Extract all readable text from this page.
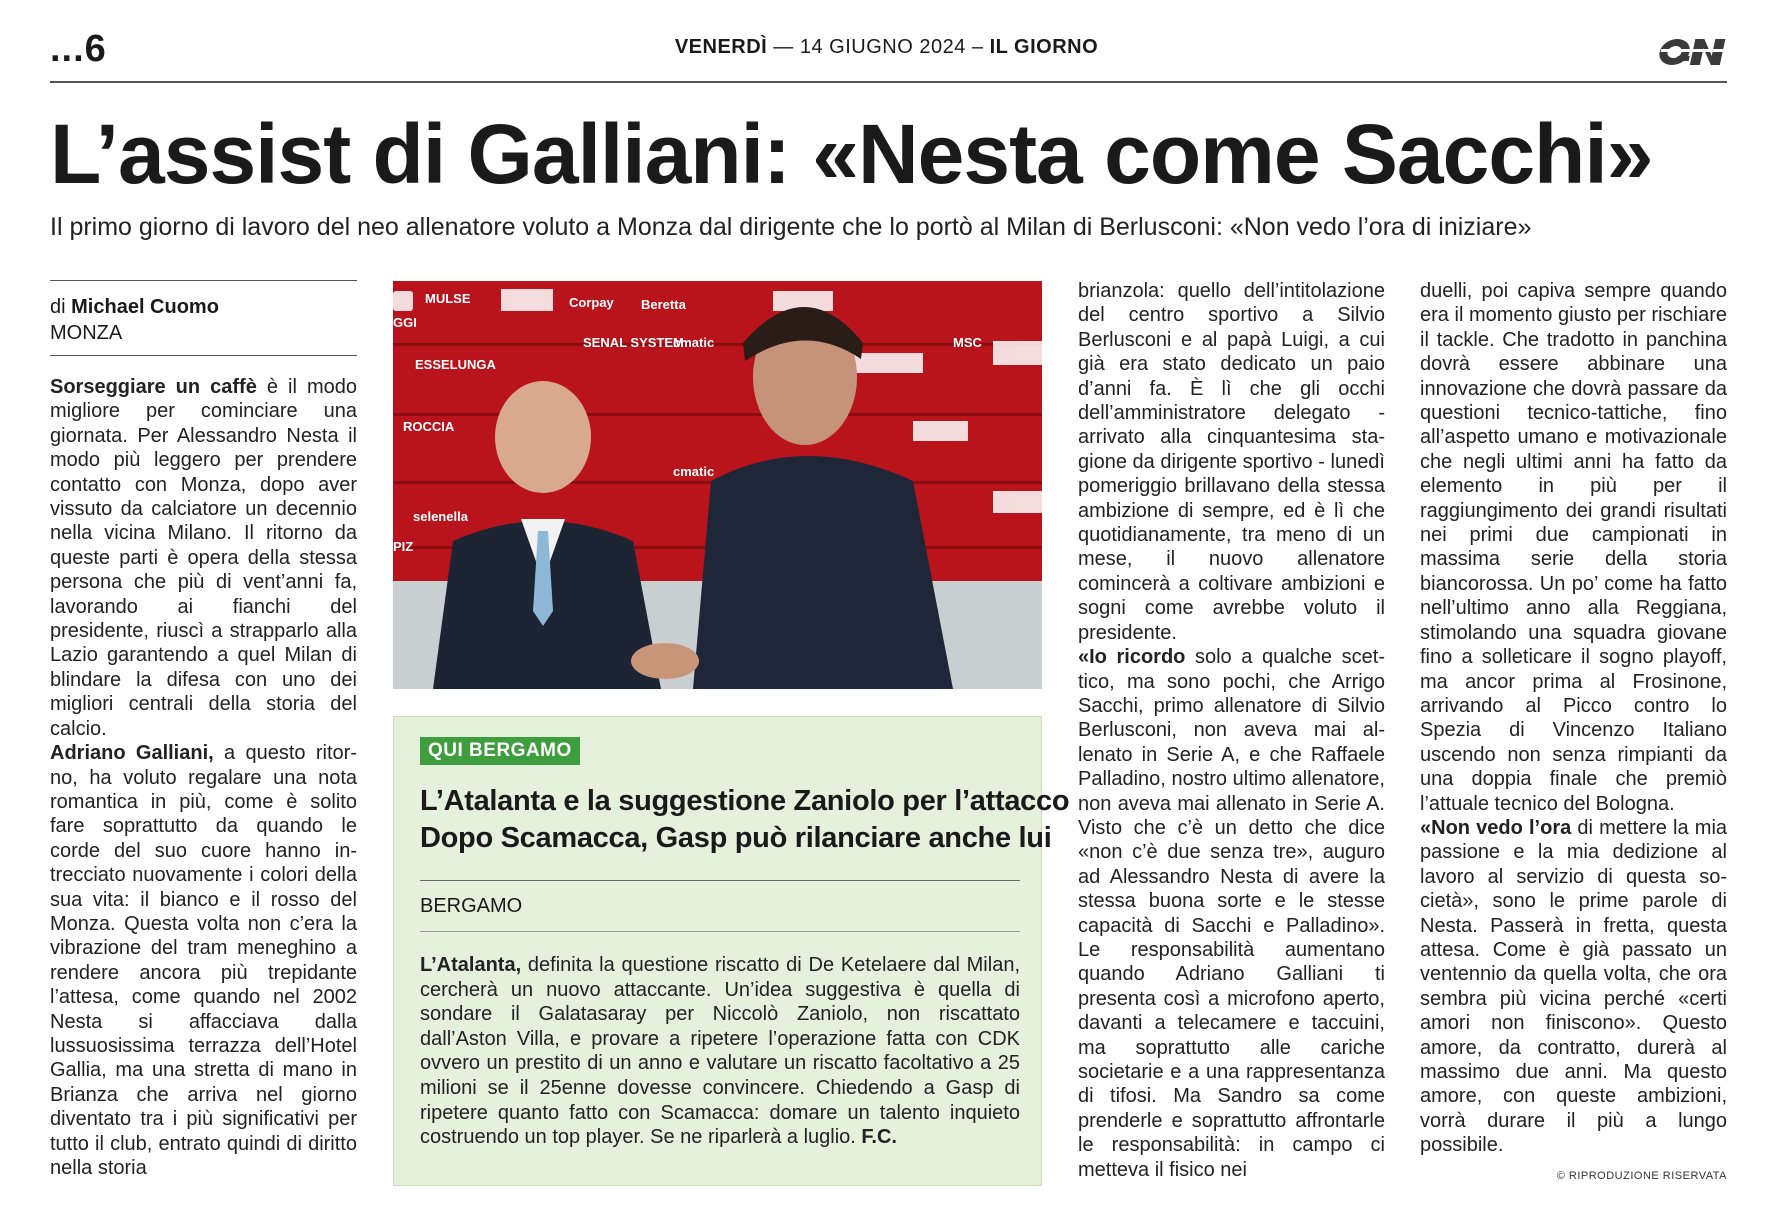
...6	VENERDÌ — 14 GIUGNO 2024 – IL GIORNO
L’assist di Galliani: «Nesta come Sacchi»
Il primo giorno di lavoro del neo allenatore voluto a Monza dal dirigente che lo portò al Milan di Berlusconi: «Non vedo l’ora di iniziare»
di Michael Cuomo
MONZA

Sorseggiare un caffè è il modo migliore per cominciare una giornata. Per Alessandro Nesta il modo più leggero per prendere contatto con Monza, dopo aver vissuto da calciatore un decennio nella vicina Milano. Il ritorno da queste parti è opera della stessa persona che più di vent’anni fa, lavorando ai fianchi del presidente, riuscì a strapparlo alla Lazio garantendo a quel Milan di blindare la difesa con uno dei migliori centrali della storia del calcio.

Adriano Galliani, a questo ritorno, ha voluto regalare una nota romantica in più, come è solito fare soprattutto da quando le corde del suo cuore hanno intrecciato nuovamente i colori della sua vita: il bianco e il rosso del Monza. Questa volta non c’era la vibrazione del tram meneghino a rendere ancora più trepidante l’attesa, come quando nel 2002 Nesta si affacciava dalla lussuosissima terrazza dell’Hotel Gallia, ma una stretta di mano in Brianza che arriva nel giorno diventato tra i più significativi per tutto il club, entrato quindi di diritto nella storia

MULSE	Corpay Beretta
GGI
ESSELUNGA
cmatic
SENAL SYSTEM	MSC
ROCCIA
cmatic
PIZ
selenella
QUI BERGAMO
L’Atalanta e la suggestione Zaniolo per l’attacco
Dopo Scamacca, Gasp può rilanciare anche lui
BERGAMO
L’Atalanta, definita la questione riscatto di De Ketelaere dal Milan, cercherà un nuovo attaccante. Un’idea suggestiva è quella di sondare il Galatasaray per Niccolò Zaniolo, non riscattato dall’Aston Villa, e provare a ripetere l’operazione fatta con CDK ovvero un prestito di un anno e valutare un riscatto facoltativo a 25 milioni se il 25enne dovesse convincere. Chiedendo a Gasp di ripetere quanto fatto con Scamacca: domare un talento inquieto costruendo un top player. Se ne riparlerà a luglio. F.C.

brianzola: quello dell’intitolazione del centro sportivo a Silvio Berlusconi e al papà Luigi, a cui già era stato dedicato un paio d’anni fa. È lì che gli occhi dell’amministratore delegato - arrivato alla cinquantesima stagione da dirigente sportivo - lunedì pomeriggio brillavano della stessa ambizione di sempre, ed è lì che quotidianamente, tra meno di un mese, il nuovo allenatore comincerà a coltivare ambizioni e sogni come avrebbe voluto il presidente.

«Io ricordo solo a qualche scettico, ma sono pochi, che Arrigo Sacchi, primo allenatore di Silvio Berlusconi, non aveva mai allenato in Serie A, e che Raffaele Palladino, nostro ultimo allenatore, non aveva mai allenato in Serie A. Visto che c’è un detto che dice «non c’è due senza tre», auguro ad Alessandro Nesta di avere la stessa buona sorte e le stesse capacità di Sacchi e Palladino». Le responsabilità aumentano quando Adriano Galliani ti presenta così a microfono aperto, davanti a telecamere e taccuini, ma soprattutto alle cariche societarie e a una rappresentanza di tifosi. Ma Sandro sa come prenderle e soprattutto affrontarle le responsabilità: in campo ci metteva il fisico nei

duelli, poi capiva sempre quando era il momento giusto per rischiare il tackle. Che tradotto in panchina dovrà essere abbinare una innovazione che dovrà passare da questioni tecnico-tattiche, fino all’aspetto umano e motivazionale che negli ultimi anni ha fatto da elemento in più per il raggiungimento dei grandi risultati nei primi due campionati in massima serie della storia biancorossa. Un po’ come ha fatto nell’ultimo anno alla Reggiana, stimolando una squadra giovane fino a solleticare il sogno playoff, ma ancor prima al Frosinone, arrivando al Picco contro lo Spezia di Vincenzo Italiano uscendo non senza rimpianti da una doppia finale che premiò l’attuale tecnico del Bologna.

«Non vedo l’ora di mettere la mia passione e la mia dedizione al lavoro al servizio di questa società», sono le prime parole di Nesta. Passerà in fretta, questa attesa. Come è già passato un ventennio da quella volta, che ora sembra più vicina perché «certi amori non finiscono». Questo amore, da contratto, durerà al massimo due anni. Ma questo amore, con queste ambizioni, vorrà durare il più a lungo possibile.

© RIPRODUZIONE RISERVATA
